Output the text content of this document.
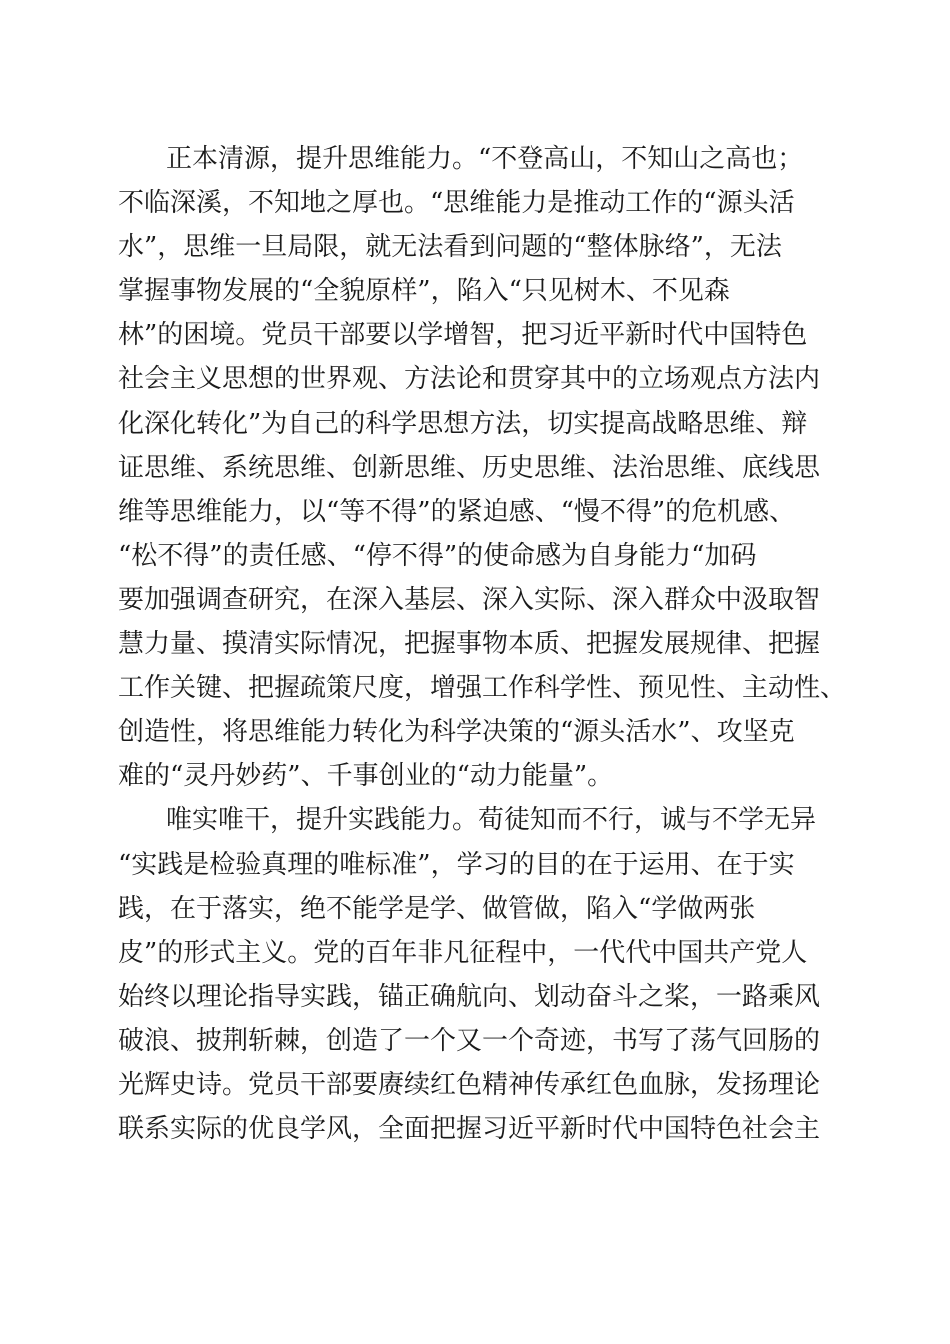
正本清源，提升思维能力。“不登高山，不知山之高也；
不临深溪，不知地之厚也。“思维能力是推动工作的“源头活
水”，思维一旦局限，就无法看到问题的“整体脉络”，无法
掌握事物发展的“全貌原样”，陷入“只见树木、不见森
林”的困境。党员干部要以学增智，把习近平新时代中国特色
社会主义思想的世界观、方法论和贯穿其中的立场观点方法内
化深化转化”为自己的科学思想方法，切实提高战略思维、辩
证思维、系统思维、创新思维、历史思维、法治思维、底线思
维等思维能力，以“等不得”的紧迫感、“慢不得”的危机感、
“松不得”的责任感、“停不得”的使命感为自身能力“加码
要加强调查研究，在深入基层、深入实际、深入群众中汲取智
慧力量、摸清实际情况，把握事物本质、把握发展规律、把握
工作关键、把握疏策尺度，增强工作科学性、预见性、主动性、
创造性，将思维能力转化为科学决策的“源头活水”、攻坚克
难的“灵丹妙药”、千事创业的“动力能量”。
唯实唯干，提升实践能力。荀徒知而不行，诚与不学无异
“实践是检验真理的唯标准”，学习的目的在于运用、在于实
践，在于落实，绝不能学是学、做管做，陷入“学做两张
皮”的形式主义。党的百年非凡征程中，一代代中国共产党人
始终以理论指导实践，锚正确航向、划动奋斗之桨，一路乘风
破浪、披荆斩棘，创造了一个又一个奇迹，书写了荡气回肠的
光辉史诗。党员干部要赓续红色精神传承红色血脉，发扬理论
联系实际的优良学风，全面把握习近平新时代中国特色社会主
